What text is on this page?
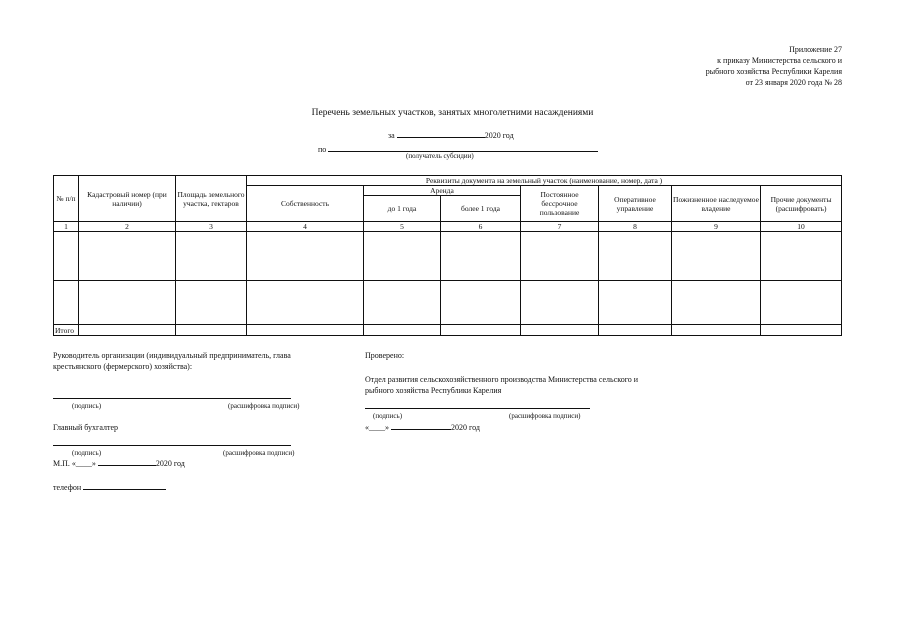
Приложение 27
к приказу Министерства сельского и
рыбного хозяйства Республики Карелия
от 23 января 2020 года № 28
Перечень земельных участков, занятых многолетними насаждениями
за	2020 год
по
(получатель субсидии)
№ п/п	Кадастровый номер (при наличии)	Площадь земельного участка, гектаров	Реквизиты документа на земельный участок (наименование, номер, дата )						
			Собственность	Аренда		Постоянное бессрочное пользование	Оперативное управление	Пожизненное наследуемое владение	Прочие документы (расшифровать)
				до 1 года	более 1 года				
1	2	3	4	5	6	7	8	9	10

Итого									
Руководитель организации (индивидуальный предприниматель, глава крестьянского (фермерского) хозяйства):
(подпись)	(расшифровка подписи)
Главный бухгалтер
(подпись)	(расшифровка подписи)
М.П. «____»	2020 год
телефон
Проверено:
Отдел развития сельскохозяйственного производства Министерства сельского и
рыбного хозяйства Республики Карелия
(подпись)	(расшифровка подписи)
«____»	2020 год
